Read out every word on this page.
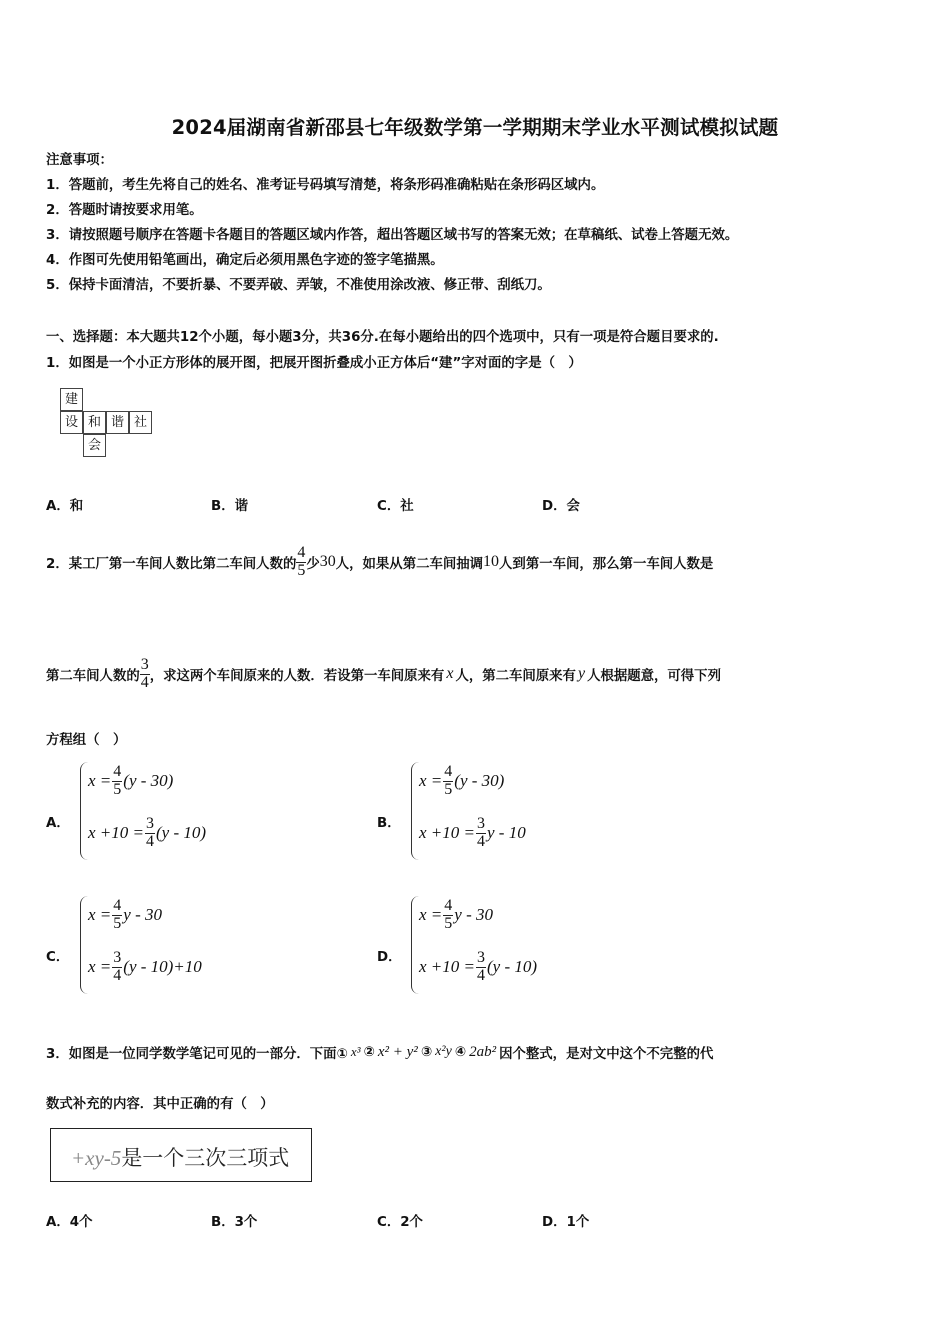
2024届湖南省新邵县七年级数学第一学期期末学业水平测试模拟试题
注意事项：
1．答题前，考生先将自己的姓名、准考证号码填写清楚，将条形码准确粘贴在条形码区域内。
2．答题时请按要求用笔。
3．请按照题号顺序在答题卡各题目的答题区域内作答，超出答题区域书写的答案无效；在草稿纸、试卷上答题无效。
4．作图可先使用铅笔画出，确定后必须用黑色字迹的签字笔描黑。
5．保持卡面清洁，不要折暴、不要弄破、弄皱，不准使用涂改液、修正带、刮纸刀。
一、选择题：本大题共12个小题，每小题3分，共36分.在每小题给出的四个选项中，只有一项是符合题目要求的.
1．如图是一个小正方形体的展开图，把展开图折叠成小正方体后“建”字对面的字是（　）
建
设 和 谐 社
会
A．和	B．谐	C．社	D．会
2．某工厂第一车间人数比第二车间人数的 $\frac{4}{5}$ 少 30 人，如果从第二车间抽调 10 人到第一车间，那么第一车间人数是
第二车间人数的 $\frac{3}{4}$ ，求这两个车间原来的人数．若设第一车间原来有 x 人，第二车间原来有 y 人根据题意，可得下列
方程组（　）
A．
$x = \frac{4}{5} (y - 30)$
$x +10 = \frac{3}{4} (y - 10)$	B．
$x = \frac{4}{5} (y - 30)$
$x +10 = \frac{3}{4}$ y - 10
C．
$x = \frac{4}{5}$ y - 30
$x = \frac{3}{4} (y - 10)+10$	D．
$x = \frac{4}{5}$ y - 30
$x +10 = \frac{3}{4} (y - 10)$
3．如图是一位同学数学笔记可见的一部分．下面① x³ ② x² + y² ③ x²y ④ 2ab² 因个整式，是对文中这个不完整的代
数式补充的内容．其中正确的有（　）
+xy-5是一个三次三项式
A．4个	B．3个	C．2个	D．1个
